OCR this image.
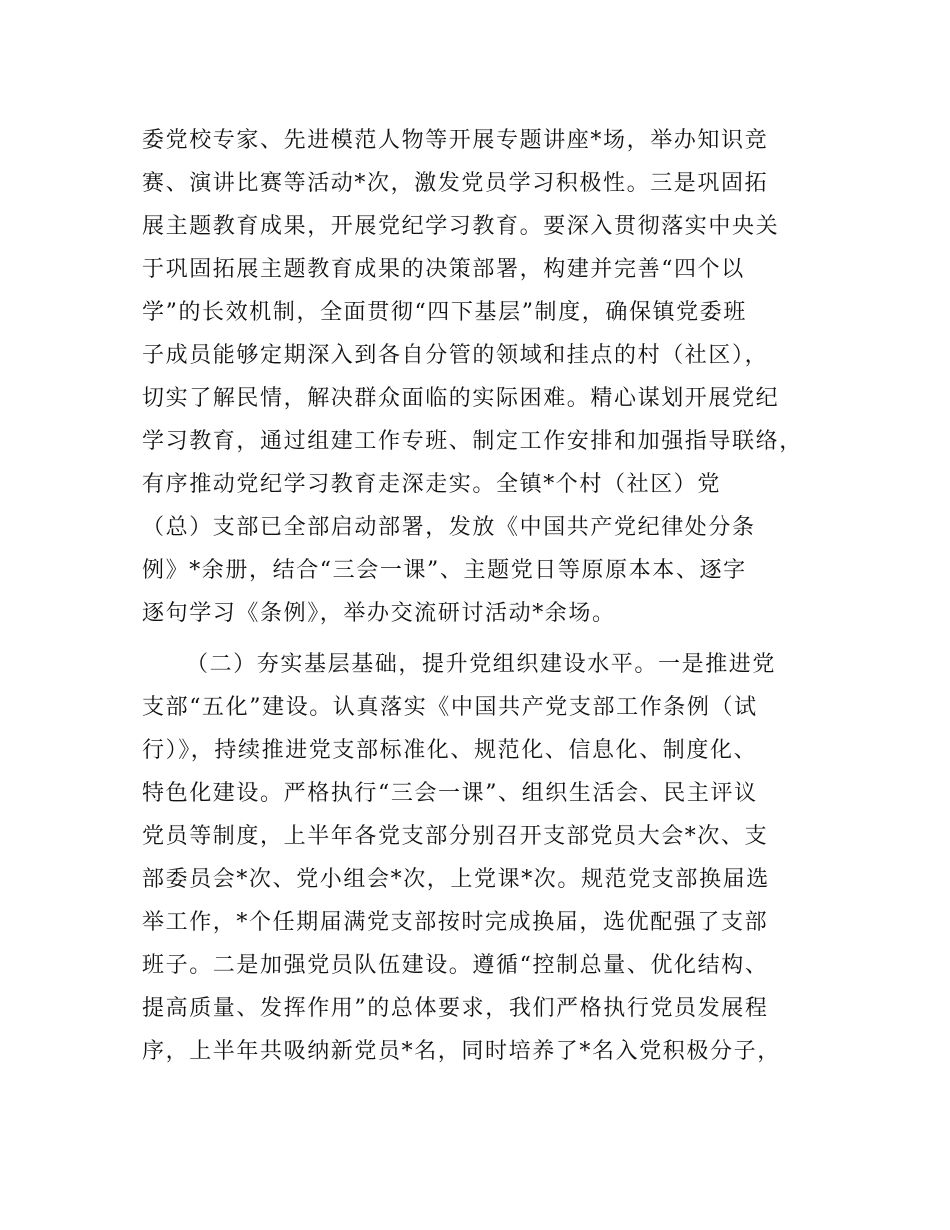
委党校专家、先进模范人物等开展专题讲座*场，举办知识竞
赛、演讲比赛等活动*次，激发党员学习积极性。三是巩固拓
展主题教育成果，开展党纪学习教育。要深入贯彻落实中央关
于巩固拓展主题教育成果的决策部署，构建并完善“四个以
学”的长效机制，全面贯彻“四下基层”制度，确保镇党委班
子成员能够定期深入到各自分管的领域和挂点的村（社区），
切实了解民情，解决群众面临的实际困难。精心谋划开展党纪
学习教育，通过组建工作专班、制定工作安排和加强指导联络，
有序推动党纪学习教育走深走实。全镇*个村（社区）党
（总）支部已全部启动部署，发放《中国共产党纪律处分条
例》*余册，结合“三会一课”、主题党日等原原本本、逐字
逐句学习《条例》，举办交流研讨活动*余场。
（二）夯实基层基础，提升党组织建设水平。一是推进党
支部“五化”建设。认真落实《中国共产党支部工作条例（试
行）》，持续推进党支部标准化、规范化、信息化、制度化、
特色化建设。严格执行“三会一课”、组织生活会、民主评议
党员等制度，上半年各党支部分别召开支部党员大会*次、支
部委员会*次、党小组会*次，上党课*次。规范党支部换届选
举工作，*个任期届满党支部按时完成换届，选优配强了支部
班子。二是加强党员队伍建设。遵循“控制总量、优化结构、
提高质量、发挥作用”的总体要求，我们严格执行党员发展程
序，上半年共吸纳新党员*名，同时培养了*名入党积极分子，
